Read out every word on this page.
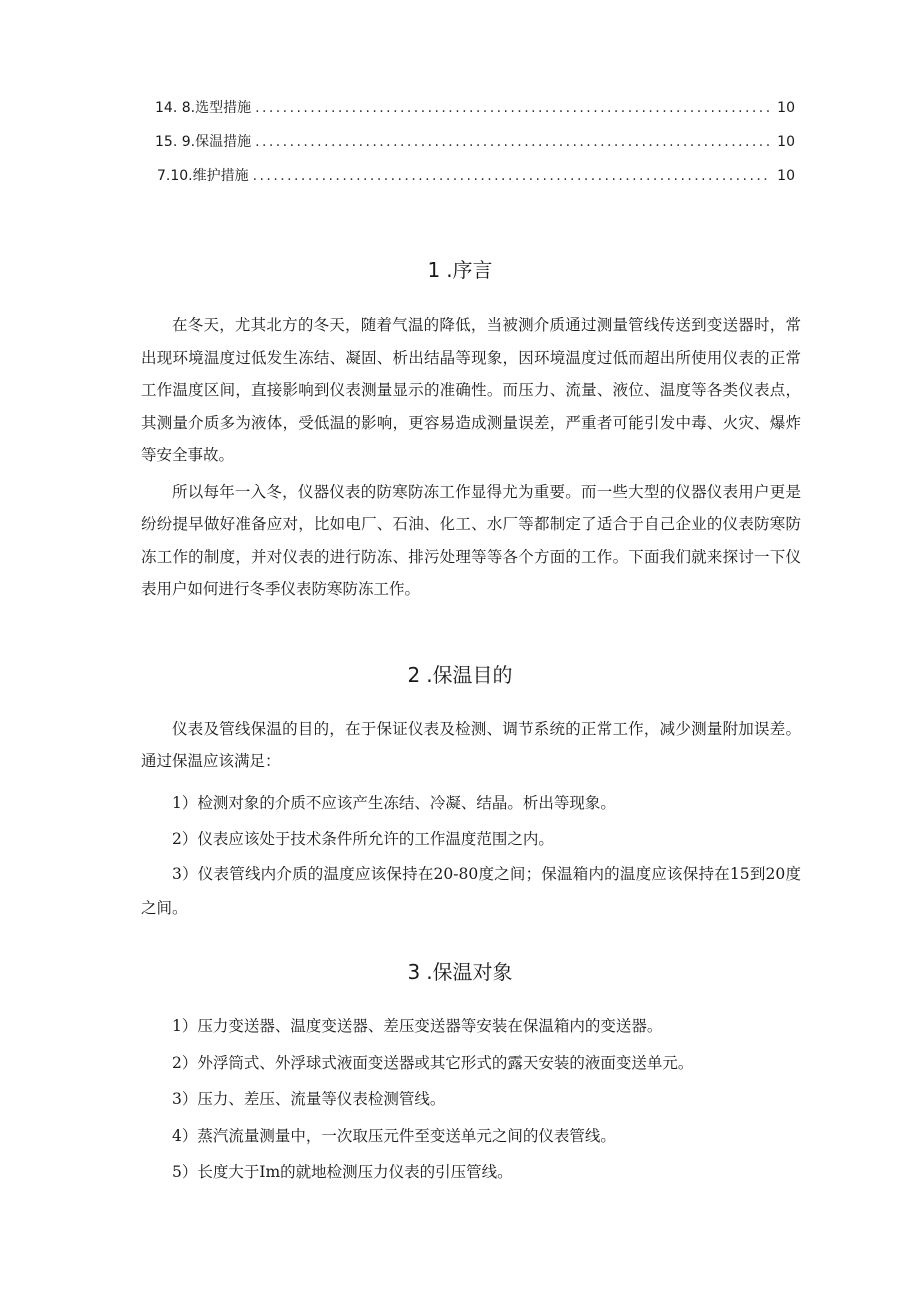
14. 8.选型措施 . . .	10
15. 9.保温措施 . . .	10
7.10.维护措施 . . .	10
1 .序言

在冬天，尤其北方的冬天，随着气温的降低，当被测介质通过测量管线传送到变送器时，常出现环境温度过低发生冻结、凝固、析出结晶等现象，因环境温度过低而超出所使用仪表的正常工作温度区间，直接影响到仪表测量显示的准确性。而压力、流量、液位、温度等各类仪表点，其测量介质多为液体，受低温的影响，更容易造成测量误差，严重者可能引发中毒、火灾、爆炸等安全事故。

所以每年一入冬，仪器仪表的防寒防冻工作显得尤为重要。而一些大型的仪器仪表用户更是纷纷提早做好准备应对，比如电厂、石油、化工、水厂等都制定了适合于自己企业的仪表防寒防冻工作的制度，并对仪表的进行防冻、排污处理等等各个方面的工作。下面我们就来探讨一下仪表用户如何进行冬季仪表防寒防冻工作。

2 .保温目的

仪表及管线保温的目的，在于保证仪表及检测、调节系统的正常工作，减少测量附加误差。通过保温应该满足：

1）检测对象的介质不应该产生冻结、冷凝、结晶。析出等现象。

2）仪表应该处于技术条件所允许的工作温度范围之内。

3）仪表管线内介质的温度应该保持在20-80度之间；保温箱内的温度应该保持在15到20度之间。

3 .保温对象

1）压力变送器、温度变送器、差压变送器等安装在保温箱内的变送器。

2）外浮筒式、外浮球式液面变送器或其它形式的露天安装的液面变送单元。

3）压力、差压、流量等仪表检测管线。

4）蒸汽流量测量中，一次取压元件至变送单元之间的仪表管线。

5）长度大于Im的就地检测压力仪表的引压管线。
